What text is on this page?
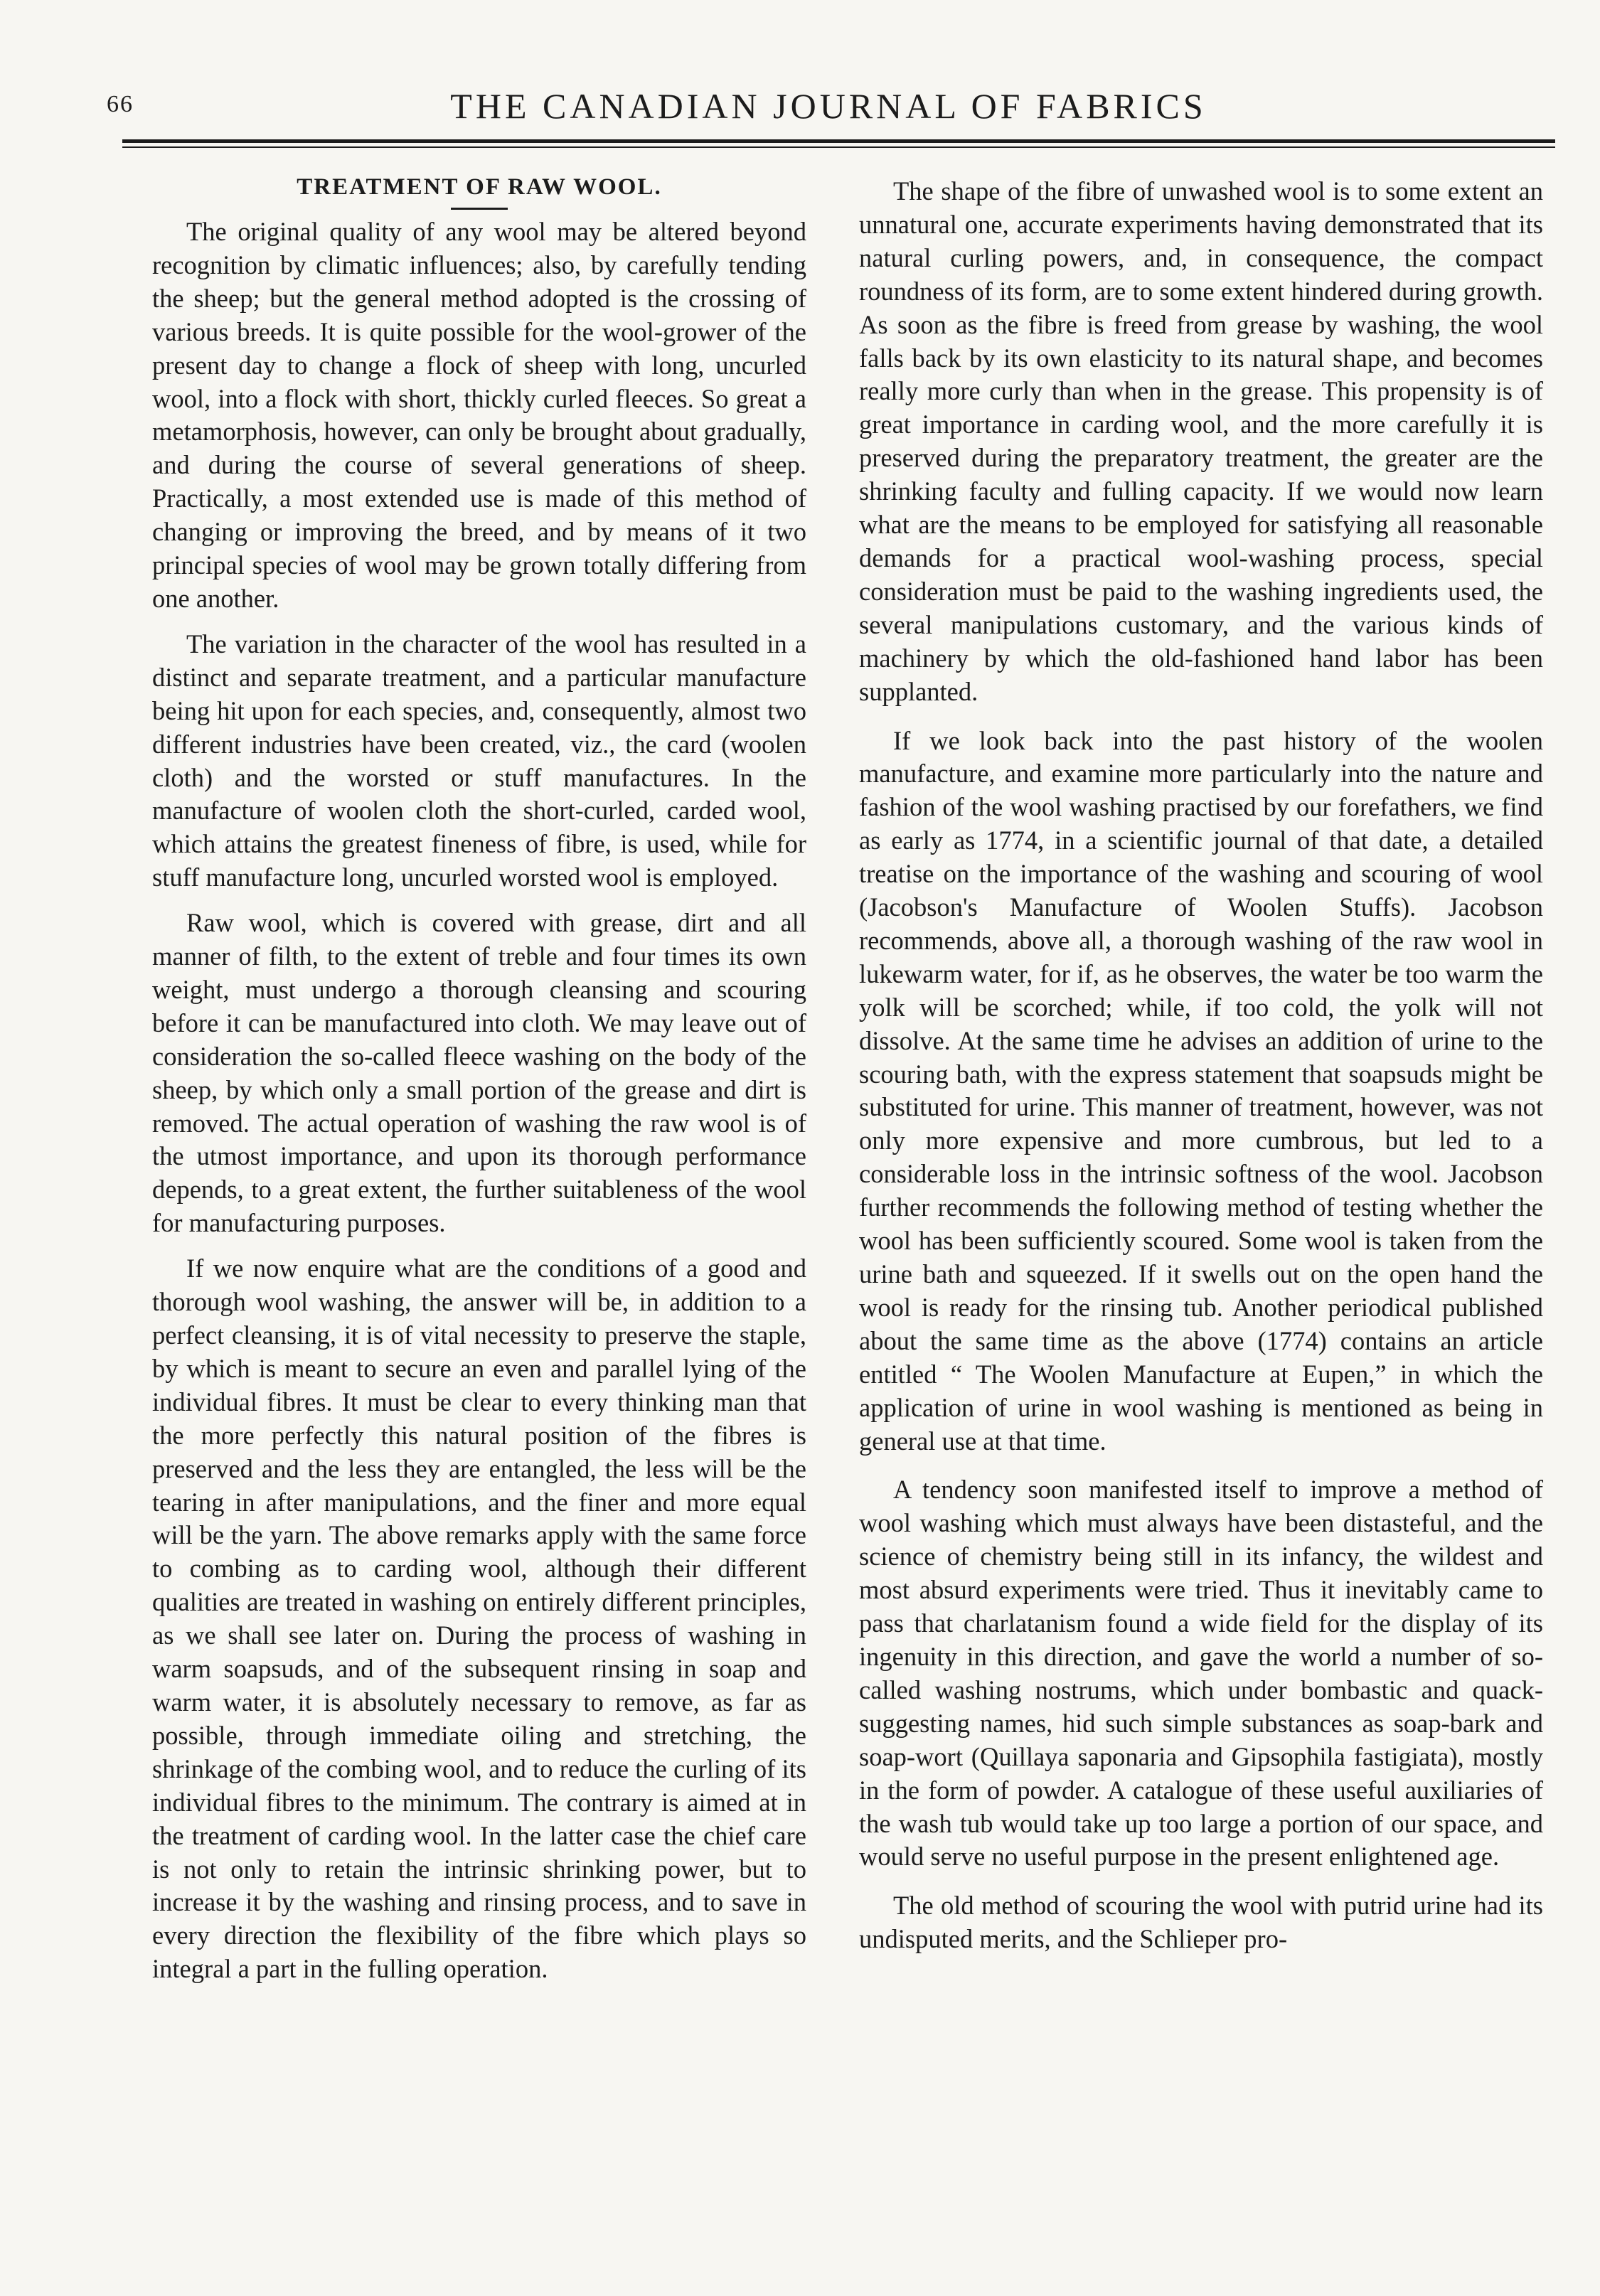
66	THE CANADIAN JOURNAL OF FABRICS
TREATMENT OF RAW WOOL.

The original quality of any wool may be altered beyond recognition by climatic influences; also, by carefully tending the sheep; but the general method adopted is the crossing of various breeds. It is quite possible for the wool-grower of the present day to change a flock of sheep with long, uncurled wool, into a flock with short, thickly curled fleeces. So great a metamorphosis, however, can only be brought about gradually, and during the course of several generations of sheep. Practically, a most extended use is made of this method of changing or improving the breed, and by means of it two principal species of wool may be grown totally differing from one another.

The variation in the character of the wool has resulted in a distinct and separate treatment, and a particular manufacture being hit upon for each species, and, consequently, almost two different industries have been created, viz., the card (woolen cloth) and the worsted or stuff manufactures. In the manufacture of woolen cloth the short-curled, carded wool, which attains the greatest fineness of fibre, is used, while for stuff manufacture long, uncurled worsted wool is employed.

Raw wool, which is covered with grease, dirt and all manner of filth, to the extent of treble and four times its own weight, must undergo a thorough cleansing and scouring before it can be manufactured into cloth. We may leave out of consideration the so-called fleece washing on the body of the sheep, by which only a small portion of the grease and dirt is removed. The actual operation of washing the raw wool is of the utmost importance, and upon its thorough performance depends, to a great extent, the further suitableness of the wool for manufacturing purposes.

If we now enquire what are the conditions of a good and thorough wool washing, the answer will be, in addition to a perfect cleansing, it is of vital necessity to preserve the staple, by which is meant to secure an even and parallel lying of the individual fibres. It must be clear to every thinking man that the more perfectly this natural position of the fibres is preserved and the less they are entangled, the less will be the tearing in after manipulations, and the finer and more equal will be the yarn. The above remarks apply with the same force to combing as to carding wool, although their different qualities are treated in washing on entirely different principles, as we shall see later on. During the process of washing in warm soapsuds, and of the subsequent rinsing in soap and warm water, it is absolutely necessary to remove, as far as possible, through immediate oiling and stretching, the shrinkage of the combing wool, and to reduce the curling of its individual fibres to the minimum. The contrary is aimed at in the treatment of carding wool. In the latter case the chief care is not only to retain the intrinsic shrinking power, but to increase it by the washing and rinsing process, and to save in every direction the flexibility of the fibre which plays so integral a part in the fulling operation.

The shape of the fibre of unwashed wool is to some extent an unnatural one, accurate experiments having demonstrated that its natural curling powers, and, in consequence, the compact roundness of its form, are to some extent hindered during growth. As soon as the fibre is freed from grease by washing, the wool falls back by its own elasticity to its natural shape, and becomes really more curly than when in the grease. This propensity is of great importance in carding wool, and the more carefully it is preserved during the preparatory treatment, the greater are the shrinking faculty and fulling capacity. If we would now learn what are the means to be employed for satisfying all reasonable demands for a practical wool-washing process, special consideration must be paid to the washing ingredients used, the several manipulations customary, and the various kinds of machinery by which the old-fashioned hand labor has been supplanted.

If we look back into the past history of the woolen manufacture, and examine more particularly into the nature and fashion of the wool washing practised by our forefathers, we find as early as 1774, in a scientific journal of that date, a detailed treatise on the importance of the washing and scouring of wool (Jacobson's Manufacture of Woolen Stuffs). Jacobson recommends, above all, a thorough washing of the raw wool in lukewarm water, for if, as he observes, the water be too warm the yolk will be scorched; while, if too cold, the yolk will not dissolve. At the same time he advises an addition of urine to the scouring bath, with the express statement that soapsuds might be substituted for urine. This manner of treatment, however, was not only more expensive and more cumbrous, but led to a considerable loss in the intrinsic softness of the wool. Jacobson further recommends the following method of testing whether the wool has been sufficiently scoured. Some wool is taken from the urine bath and squeezed. If it swells out on the open hand the wool is ready for the rinsing tub. Another periodical published about the same time as the above (1774) contains an article entitled “ The Woolen Manufacture at Eupen,” in which the application of urine in wool washing is mentioned as being in general use at that time.

A tendency soon manifested itself to improve a method of wool washing which must always have been distasteful, and the science of chemistry being still in its infancy, the wildest and most absurd experiments were tried. Thus it inevitably came to pass that charlatanism found a wide field for the display of its ingenuity in this direction, and gave the world a number of so-called washing nostrums, which under bombastic and quack-suggesting names, hid such simple substances as soap-bark and soap-wort (Quillaya saponaria and Gipsophila fastigiata), mostly in the form of powder. A catalogue of these useful auxiliaries of the wash tub would take up too large a portion of our space, and would serve no useful purpose in the present enlightened age.

The old method of scouring the wool with putrid urine had its undisputed merits, and the Schlieper pro-
